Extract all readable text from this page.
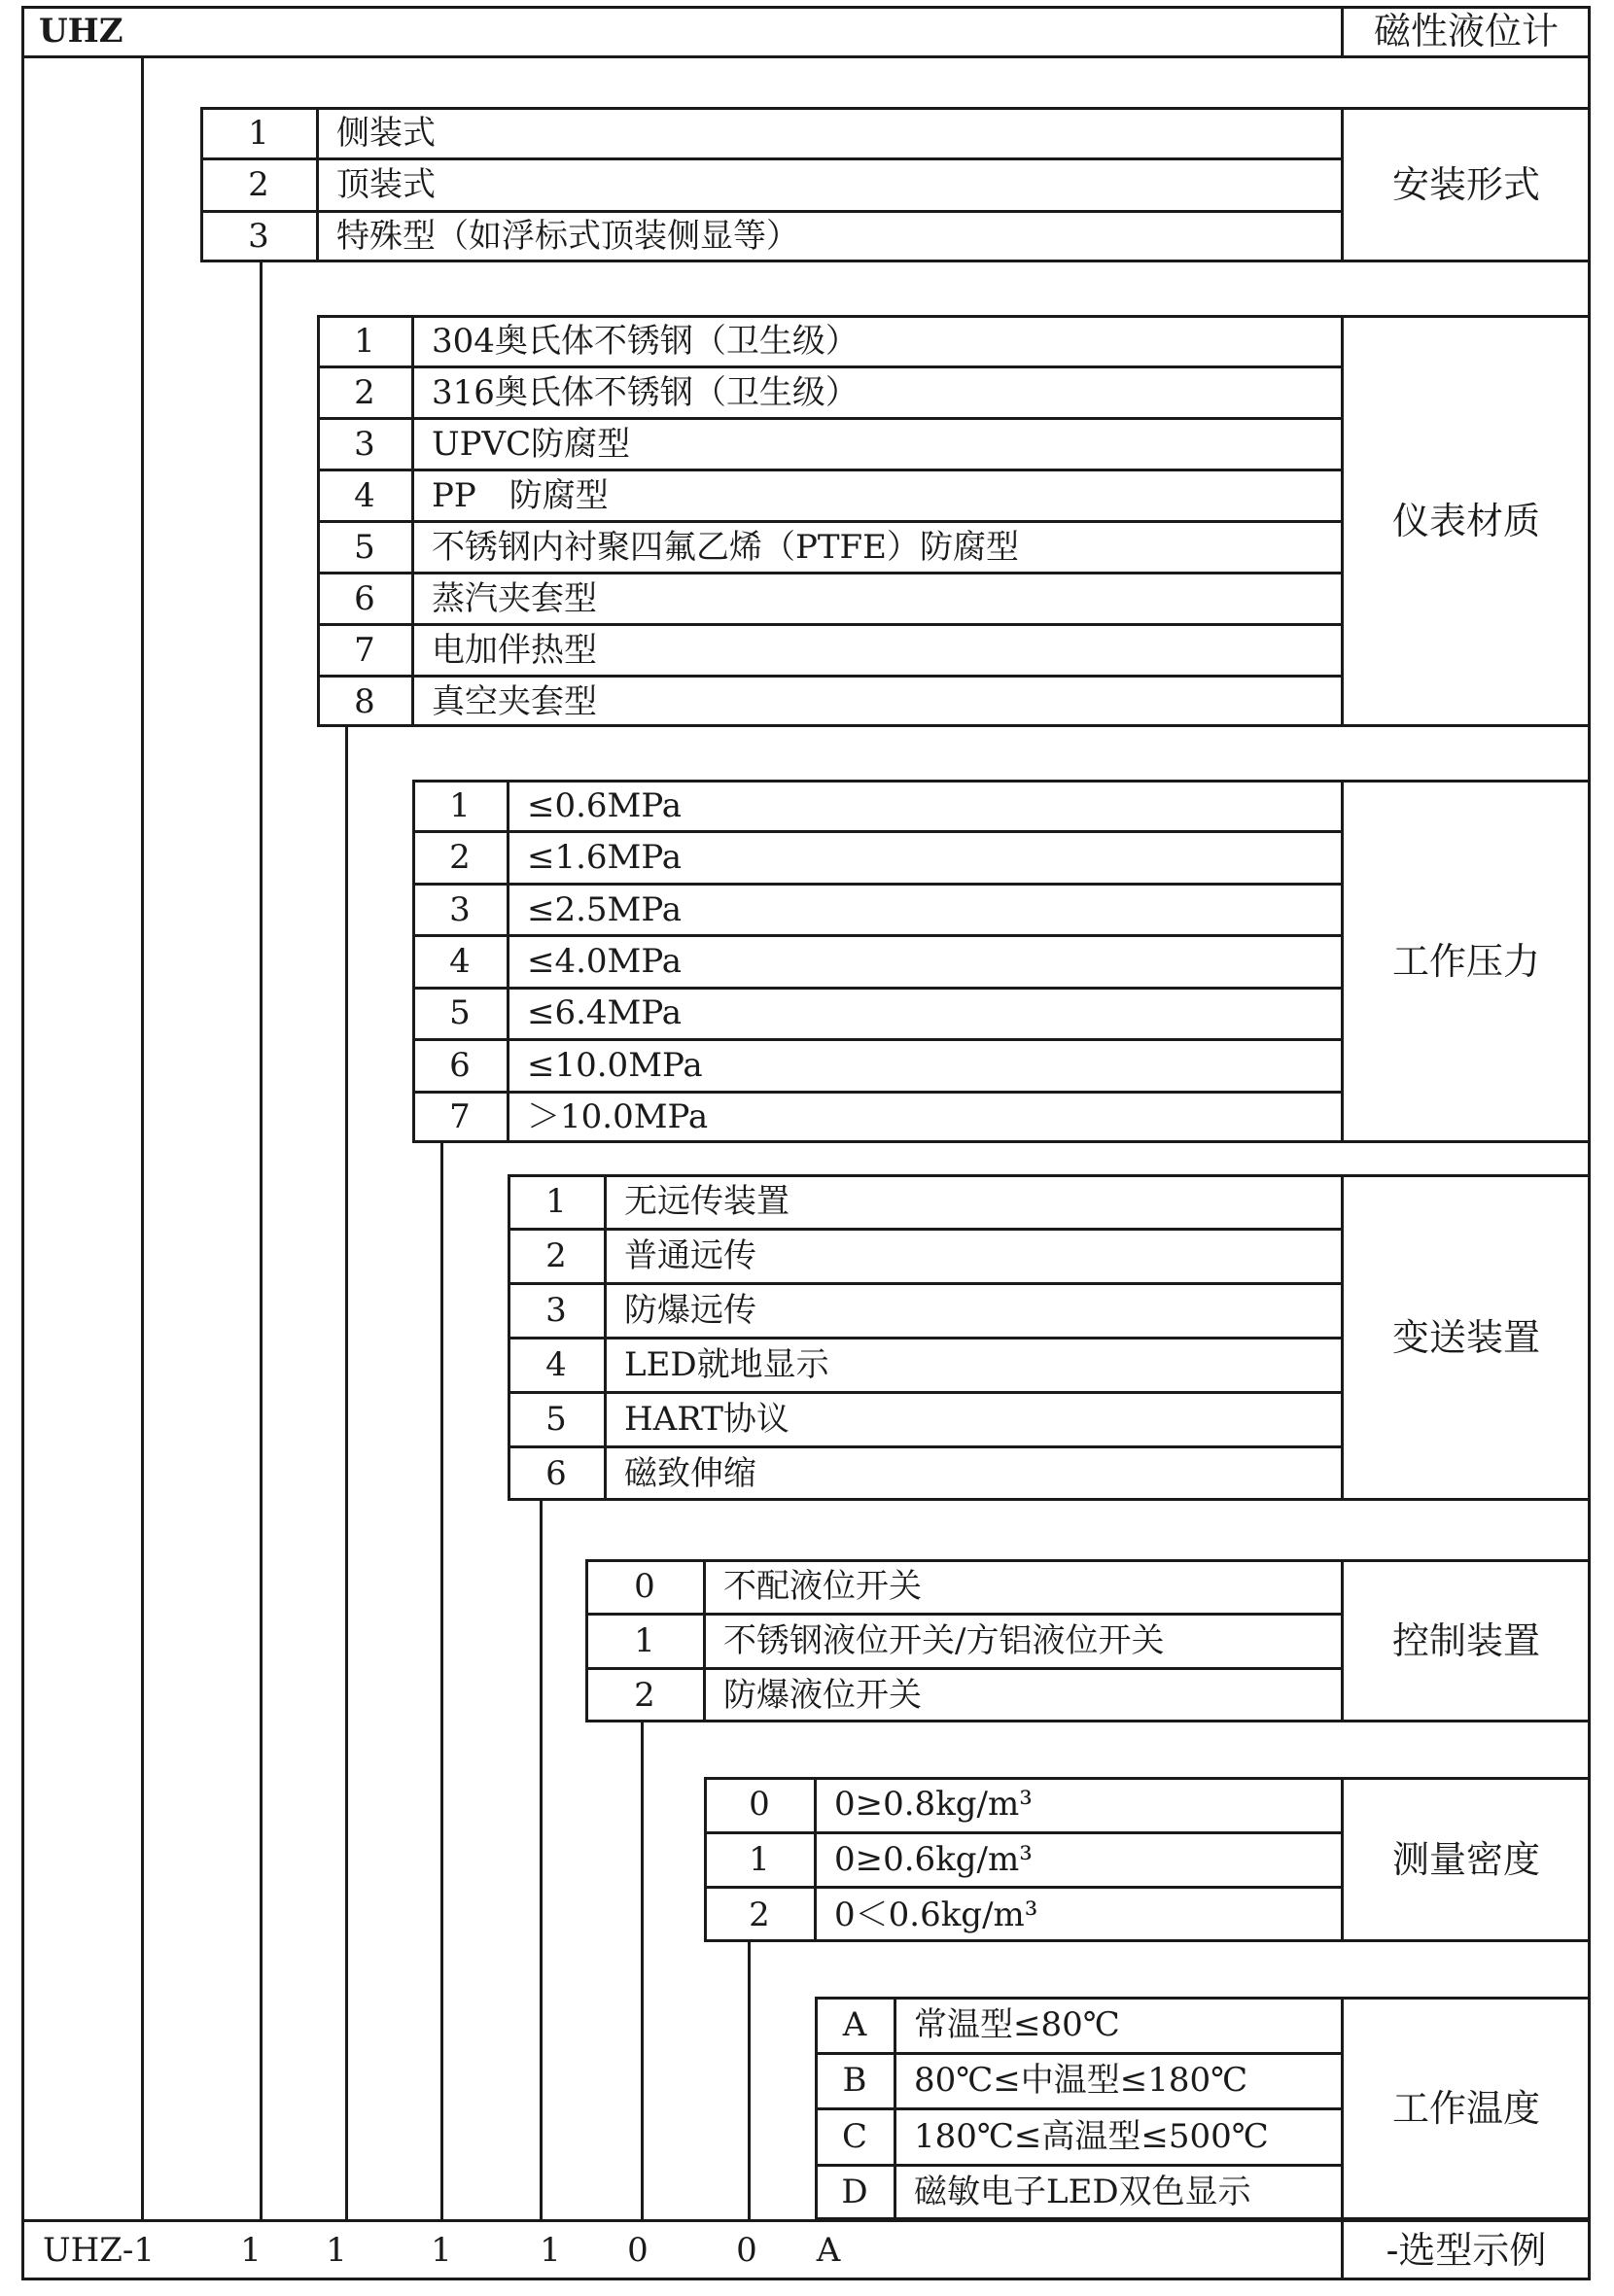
UHZ	磁性液位计
1 侧装式
2 顶装式
3 特殊型（如浮标式顶装侧显等）
安装形式
1 304奥氏体不锈钢（卫生级）
2 316奥氏体不锈钢（卫生级）
3 UPVC防腐型
4 PP　防腐型
5 不锈钢内衬聚四氟乙烯（PTFE）防腐型
6 蒸汽夹套型
7 电加伴热型
8 真空夹套型
仪表材质
1 ≤0.6MPa
2 ≤1.6MPa
3 ≤2.5MPa
4 ≤4.0MPa
5 ≤6.4MPa
6 ≤10.0MPa
7 ＞10.0MPa
工作压力
1 无远传装置
2 普通远传
3 防爆远传
4 LED就地显示
5 HART协议
6 磁致伸缩
变送装置
0 不配液位开关
1 不锈钢液位开关/方铝液位开关
2 防爆液位开关
控制装置
0 0≥0.8kg/m³
1 0≥0.6kg/m³
2 0＜0.6kg/m³
测量密度
A 常温型≤80℃
B 80℃≤中温型≤180℃
C 180℃≤高温型≤500℃
D 磁敏电子LED双色显示
工作温度
UHZ-1	1 1	1	1 0	0 A	-选型示例
